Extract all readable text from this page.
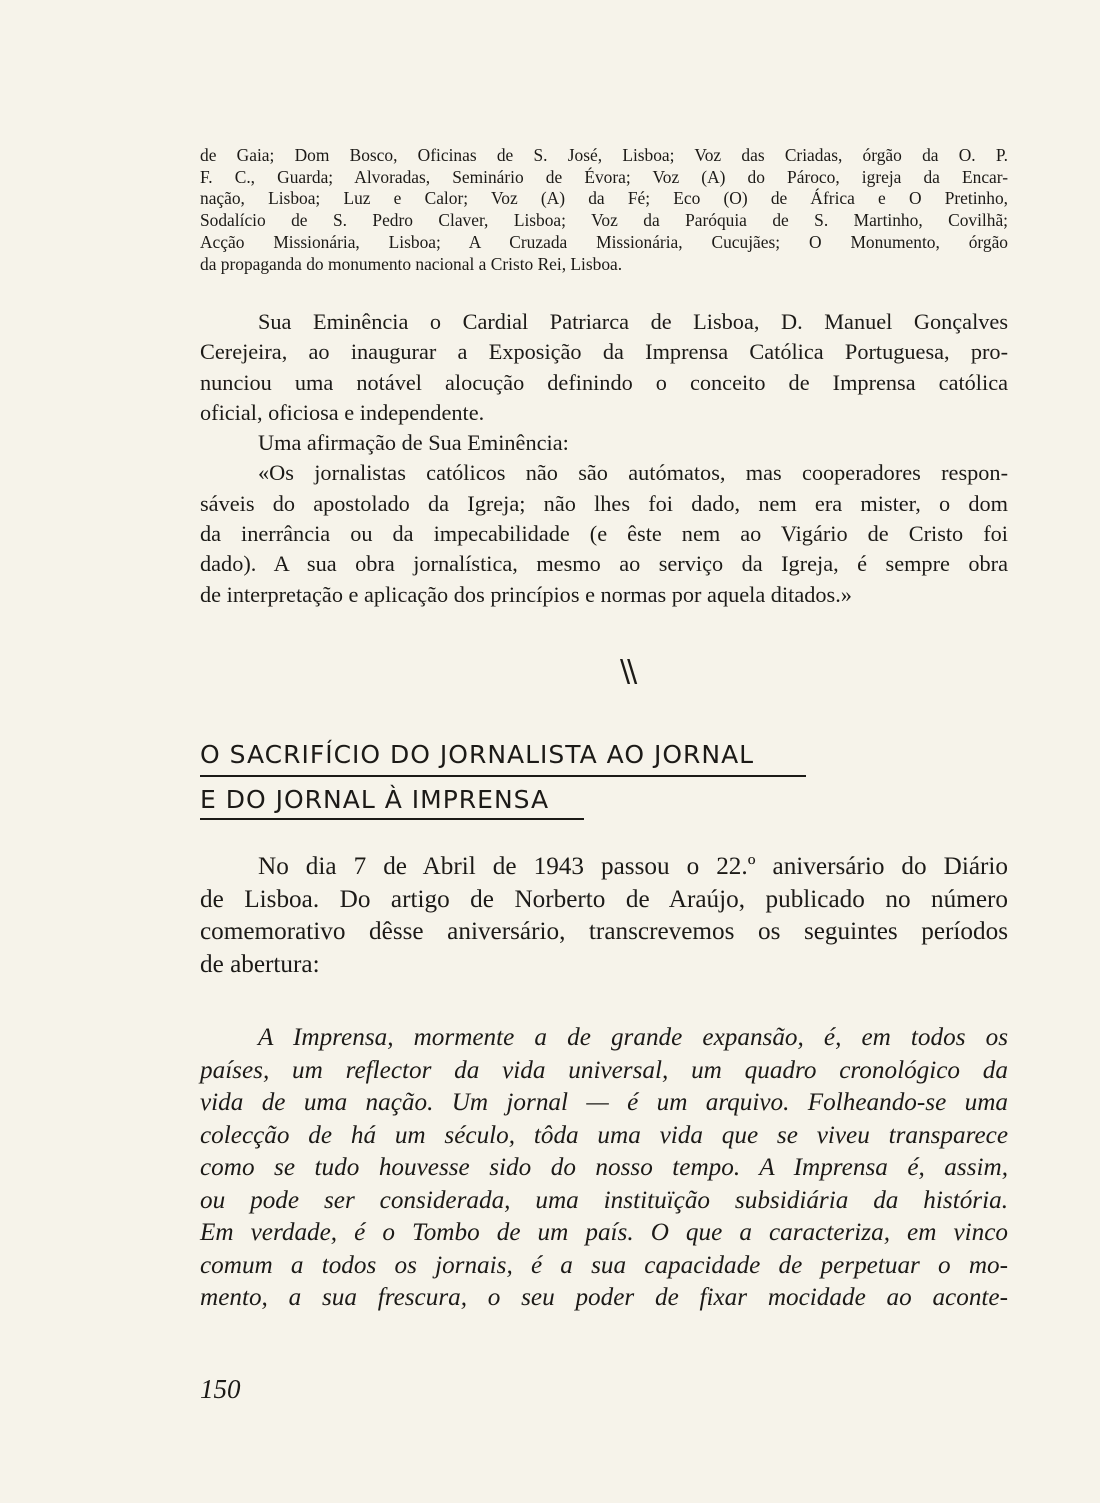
de Gaia; Dom Bosco, Oficinas de S. José, Lisboa; Voz das Criadas, órgão da O. P.
F. C., Guarda; Alvoradas, Seminário de Évora; Voz (A) do Pároco, igreja da Encar-
nação, Lisboa; Luz e Calor; Voz (A) da Fé; Eco (O) de África e O Pretinho,
Sodalício de S. Pedro Claver, Lisboa; Voz da Paróquia de S. Martinho, Covilhã;
Acção Missionária, Lisboa; A Cruzada Missionária, Cucujães; O Monumento, órgão
da propaganda do monumento nacional a Cristo Rei, Lisboa.
Sua Eminência o Cardial Patriarca de Lisboa, D. Manuel Gonçalves
Cerejeira, ao inaugurar a Exposição da Imprensa Católica Portuguesa, pro-
nunciou uma notável alocução definindo o conceito de Imprensa católica
oficial, oficiosa e independente.
Uma afirmação de Sua Eminência:
«Os jornalistas católicos não são autómatos, mas cooperadores respon-
sáveis do apostolado da Igreja; não lhes foi dado, nem era mister, o dom
da inerrância ou da impecabilidade (e êste nem ao Vigário de Cristo foi
dado). A sua obra jornalística, mesmo ao serviço da Igreja, é sempre obra
de interpretação e aplicação dos princípios e normas por aquela ditados.»
\\
O SACRIFÍCIO DO JORNALISTA AO JORNAL
E DO JORNAL À IMPRENSA
No dia 7 de Abril de 1943 passou o 22.º aniversário do Diário
de Lisboa. Do artigo de Norberto de Araújo, publicado no número
comemorativo dêsse aniversário, transcrevemos os seguintes períodos
de abertura:
A Imprensa, mormente a de grande expansão, é, em todos os
países, um reflector da vida universal, um quadro cronológico da
vida de uma nação. Um jornal — é um arquivo. Folheando-se uma
colecção de há um século, tôda uma vida que se viveu transparece
como se tudo houvesse sido do nosso tempo. A Imprensa é, assim,
ou pode ser considerada, uma instituïção subsidiária da história.
Em verdade, é o Tombo de um país. O que a caracteriza, em vinco
comum a todos os jornais, é a sua capacidade de perpetuar o mo-
mento, a sua frescura, o seu poder de fixar mocidade ao aconte-
150
